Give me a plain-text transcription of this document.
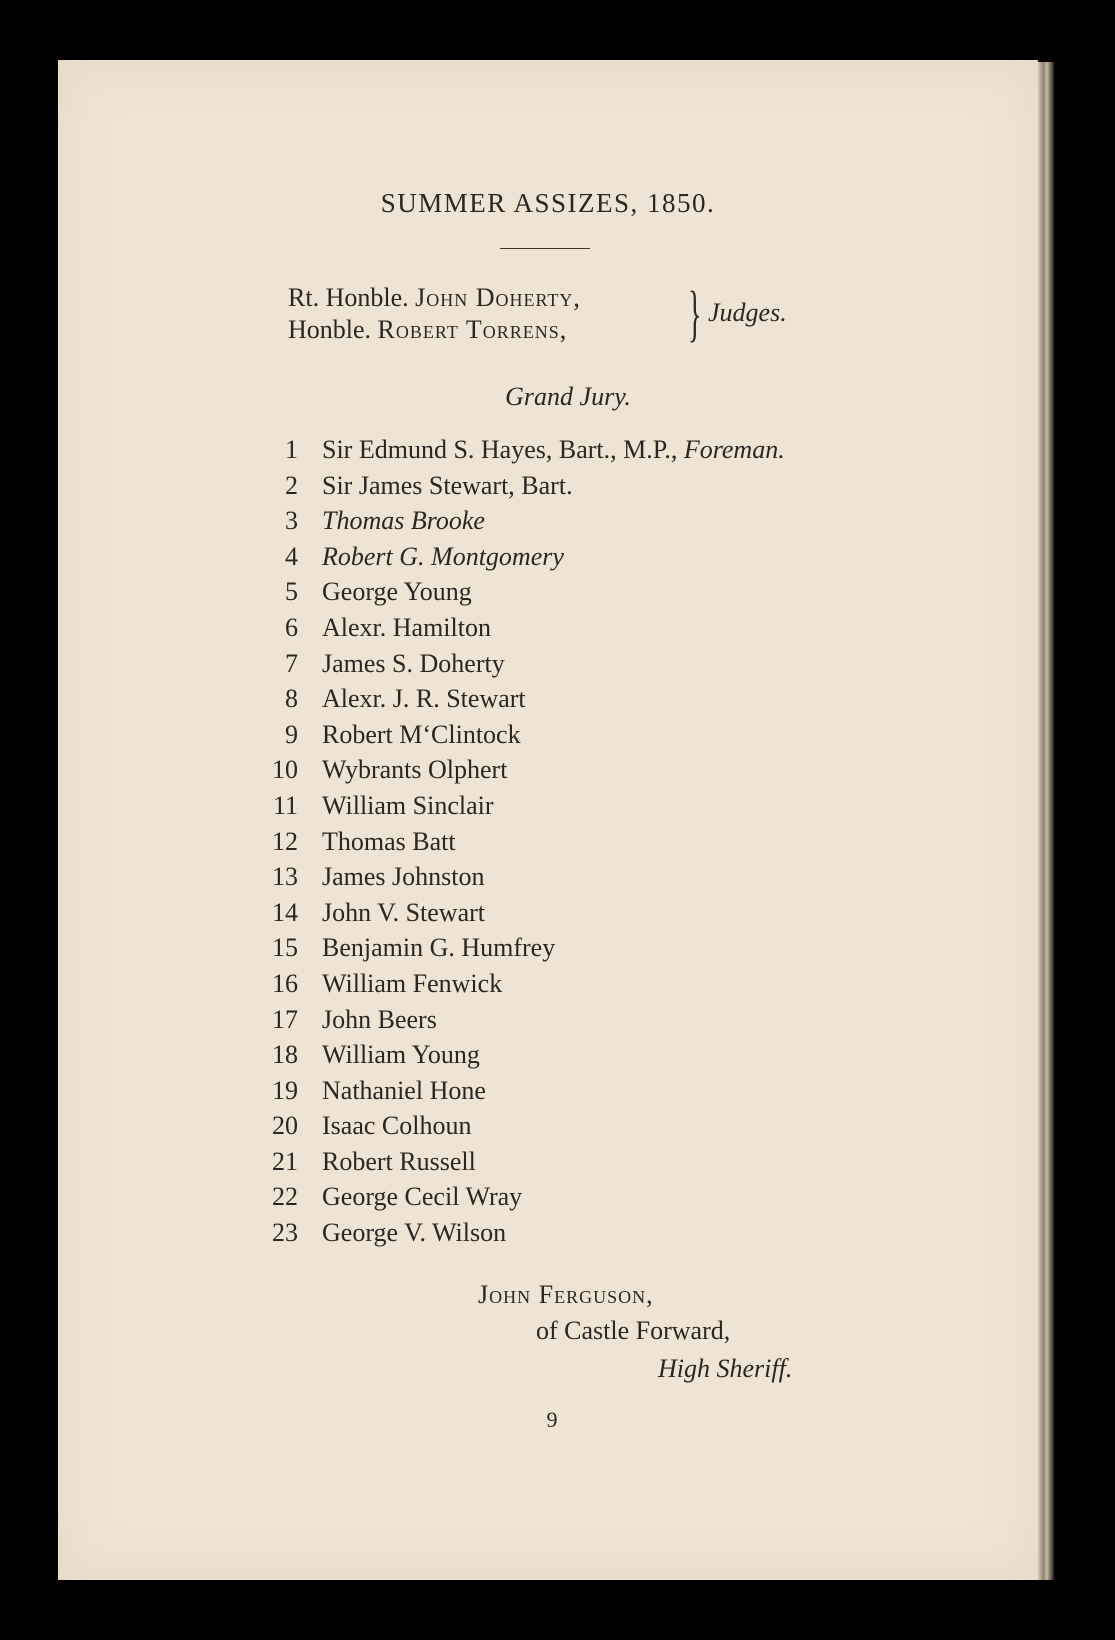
SUMMER ASSIZES, 1850.
Rt. Honble. John Doherty,
Honble. Robert Torrens, } Judges.
Grand Jury.
1 Sir Edmund S. Hayes, Bart., M.P., Foreman.
2 Sir James Stewart, Bart.
3 Thomas Brooke
4 Robert G. Montgomery
5 George Young
6 Alexr. Hamilton
7 James S. Doherty
8 Alexr. J. R. Stewart
9 Robert M‘Clintock
10 Wybrants Olphert
11 William Sinclair
12 Thomas Batt
13 James Johnston
14 John V. Stewart
15 Benjamin G. Humfrey
16 William Fenwick
17 John Beers
18 William Young
19 Nathaniel Hone
20 Isaac Colhoun
21 Robert Russell
22 George Cecil Wray
23 George V. Wilson
John Ferguson,
of Castle Forward,
High Sheriff.
9
